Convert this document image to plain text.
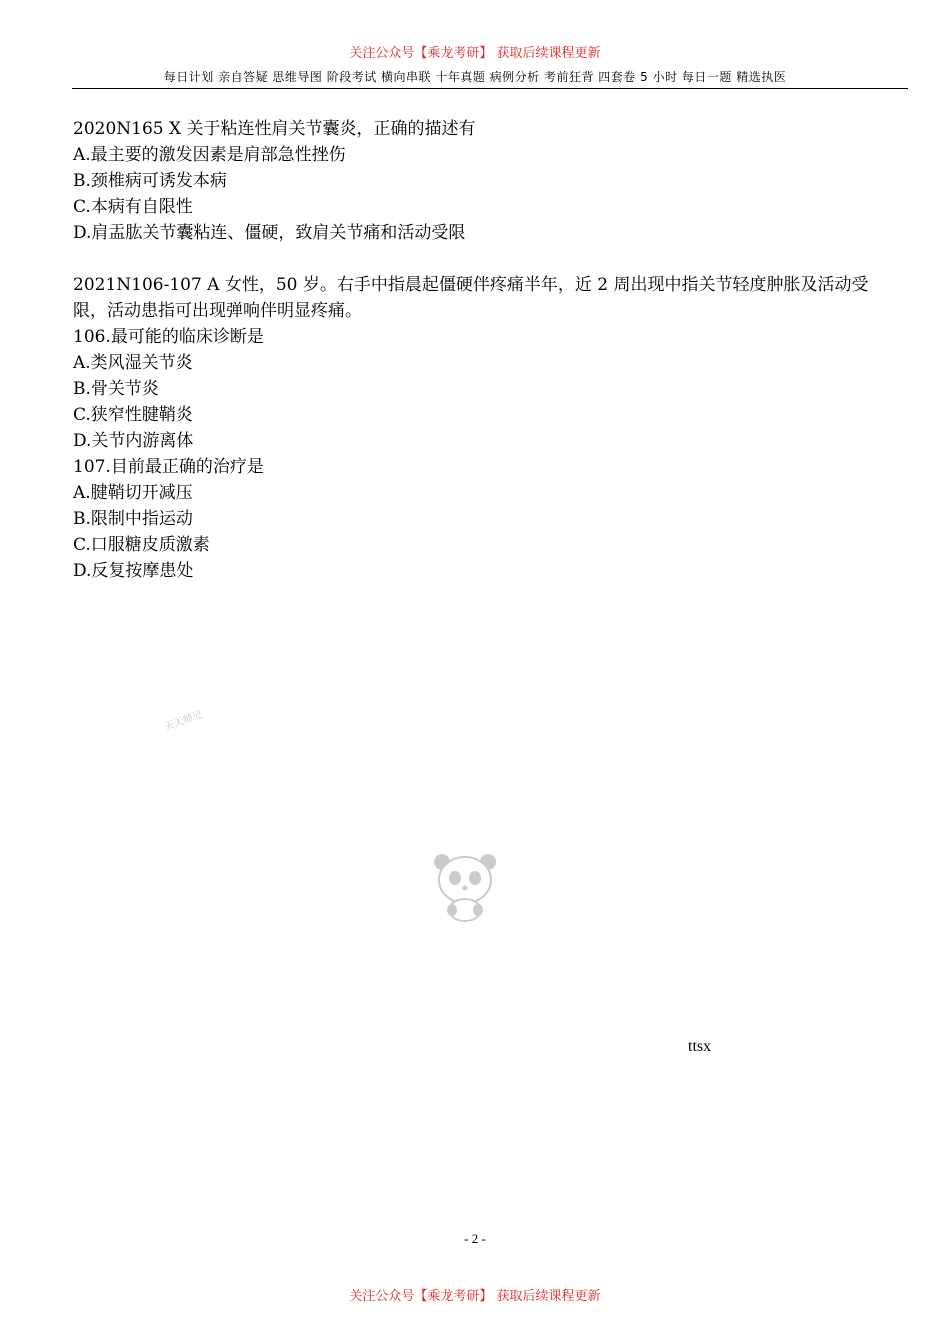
关注公众号【乘龙考研】 获取后续课程更新
每日计划 亲自答疑 思维导图 阶段考试 横向串联 十年真题 病例分析 考前狂背 四套卷 5 小时 每日一题 精选执医
2020N165 X 关于粘连性肩关节囊炎，正确的描述有
A.最主要的激发因素是肩部急性挫伤
B.颈椎病可诱发本病
C.本病有自限性
D.肩盂肱关节囊粘连、僵硬，致肩关节痛和活动受限
2021N106-107 A 女性，50 岁。右手中指晨起僵硬伴疼痛半年，近 2 周出现中指关节轻度肿胀及活动受限，活动患指可出现弹响伴明显疼痛。
106.最可能的临床诊断是
A.类风湿关节炎
B.骨关节炎
C.狭窄性腱鞘炎
D.关节内游离体
107.目前最正确的治疗是
A.腱鞘切开减压
B.限制中指运动
C.口服糖皮质激素
D.反复按摩患处
天天师兄
ttsx
- 2 -
关注公众号【乘龙考研】 获取后续课程更新
